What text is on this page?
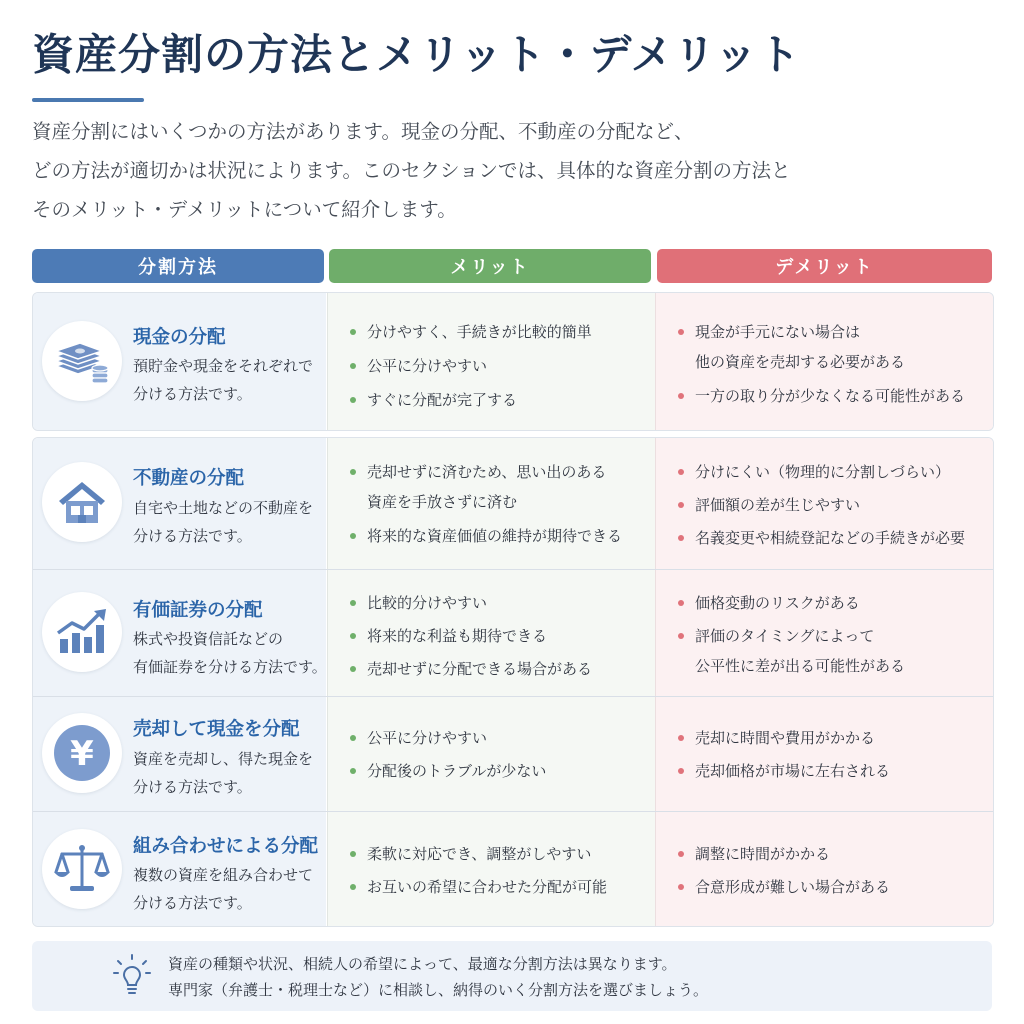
資産分割の方法とメリット・デメリット
資産分割にはいくつかの方法があります。現金の分配、不動産の分配など、
どの方法が適切かは状況によります。このセクションでは、具体的な資産分割の方法と
そのメリット・デメリットについて紹介します。
分割方法	メリット	デメリット
現金の分配
預貯金や現金をそれぞれで
分ける方法です。
分けやすく、手続きが比較的簡単
公平に分けやすい
すぐに分配が完了する
現金が手元にない場合は
他の資産を売却する必要がある
一方の取り分が少なくなる可能性がある
不動産の分配
自宅や土地などの不動産を
分ける方法です。
売却せずに済むため、思い出のある
資産を手放さずに済む
将来的な資産価値の維持が期待できる
分けにくい（物理的に分割しづらい）
評価額の差が生じやすい
名義変更や相続登記などの手続きが必要
有価証券の分配
株式や投資信託などの
有価証券を分ける方法です。
比較的分けやすい
将来的な利益も期待できる
売却せずに分配できる場合がある
価格変動のリスクがある
評価のタイミングによって
公平性に差が出る可能性がある
¥
売却して現金を分配
資産を売却し、得た現金を
分ける方法です。
公平に分けやすい
分配後のトラブルが少ない
売却に時間や費用がかかる
売却価格が市場に左右される
組み合わせによる分配
複数の資産を組み合わせて
分ける方法です。
柔軟に対応でき、調整がしやすい
お互いの希望に合わせた分配が可能
調整に時間がかかる
合意形成が難しい場合がある
資産の種類や状況、相続人の希望によって、最適な分割方法は異なります。
専門家（弁護士・税理士など）に相談し、納得のいく分割方法を選びましょう。
